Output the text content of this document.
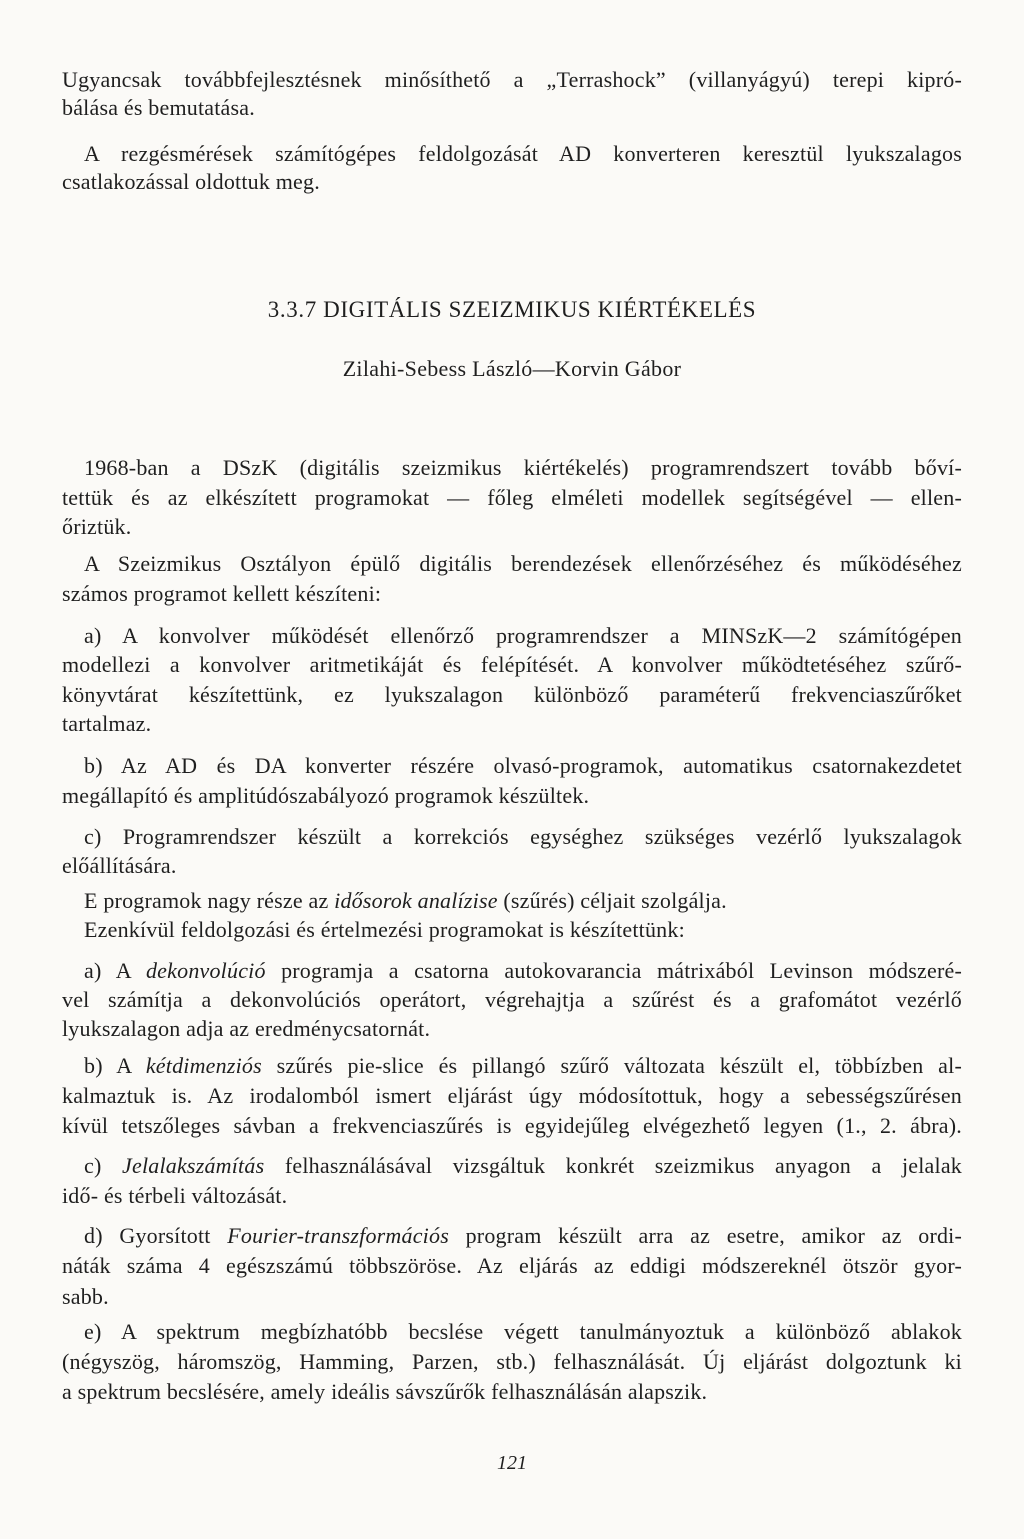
Ugyancsak továbbfejlesztésnek minősíthető a „Terrashock” (villanyágyú) terepi kipró-
bálása és bemutatása.
A rezgésmérések számítógépes feldolgozását AD konverteren keresztül lyukszalagos
csatlakozással oldottuk meg.
3.3.7 DIGITÁLIS SZEIZMIKUS KIÉRTÉKELÉS
Zilahi-Sebess László—Korvin Gábor
1968-ban a DSzK (digitális szeizmikus kiértékelés) programrendszert tovább bőví-
tettük és az elkészített programokat — főleg elméleti modellek segítségével — ellen-
őriztük.
A Szeizmikus Osztályon épülő digitális berendezések ellenőrzéséhez és működéséhez
számos programot kellett készíteni:
a) A konvolver működését ellenőrző programrendszer a MINSzK—2 számítógépen
modellezi a konvolver aritmetikáját és felépítését. A konvolver működtetéséhez szűrő-
könyvtárat készítettünk, ez lyukszalagon különböző paraméterű frekvenciaszűrőket
tartalmaz.
b) Az AD és DA konverter részére olvasó-programok, automatikus csatornakezdetet
megállapító és amplitúdószabályozó programok készültek.
c) Programrendszer készült a korrekciós egységhez szükséges vezérlő lyukszalagok
előállítására.
E programok nagy része az idősorok analízise (szűrés) céljait szolgálja.
Ezenkívül feldolgozási és értelmezési programokat is készítettünk:
a) A dekonvolúció programja a csatorna autokovarancia mátrixából Levinson módszeré-
vel számítja a dekonvolúciós operátort, végrehajtja a szűrést és a grafomátot vezérlő
lyukszalagon adja az eredménycsatornát.
b) A kétdimenziós szűrés pie-slice és pillangó szűrő változata készült el, többízben al-
kalmaztuk is. Az irodalomból ismert eljárást úgy módosítottuk, hogy a sebességszűrésen
kívül tetszőleges sávban a frekvenciaszűrés is egyidejűleg elvégezhető legyen (1., 2. ábra).
c) Jelalakszámítás felhasználásával vizsgáltuk konkrét szeizmikus anyagon a jelalak
idő- és térbeli változását.
d) Gyorsított Fourier-transzformációs program készült arra az esetre, amikor az ordi-
náták száma 4 egészszámú többszöröse. Az eljárás az eddigi módszereknél ötször gyor-
sabb.
e) A spektrum megbízhatóbb becslése végett tanulmányoztuk a különböző ablakok
(négyszög, háromszög, Hamming, Parzen, stb.) felhasználását. Új eljárást dolgoztunk ki
a spektrum becslésére, amely ideális sávszűrők felhasználásán alapszik.
121
